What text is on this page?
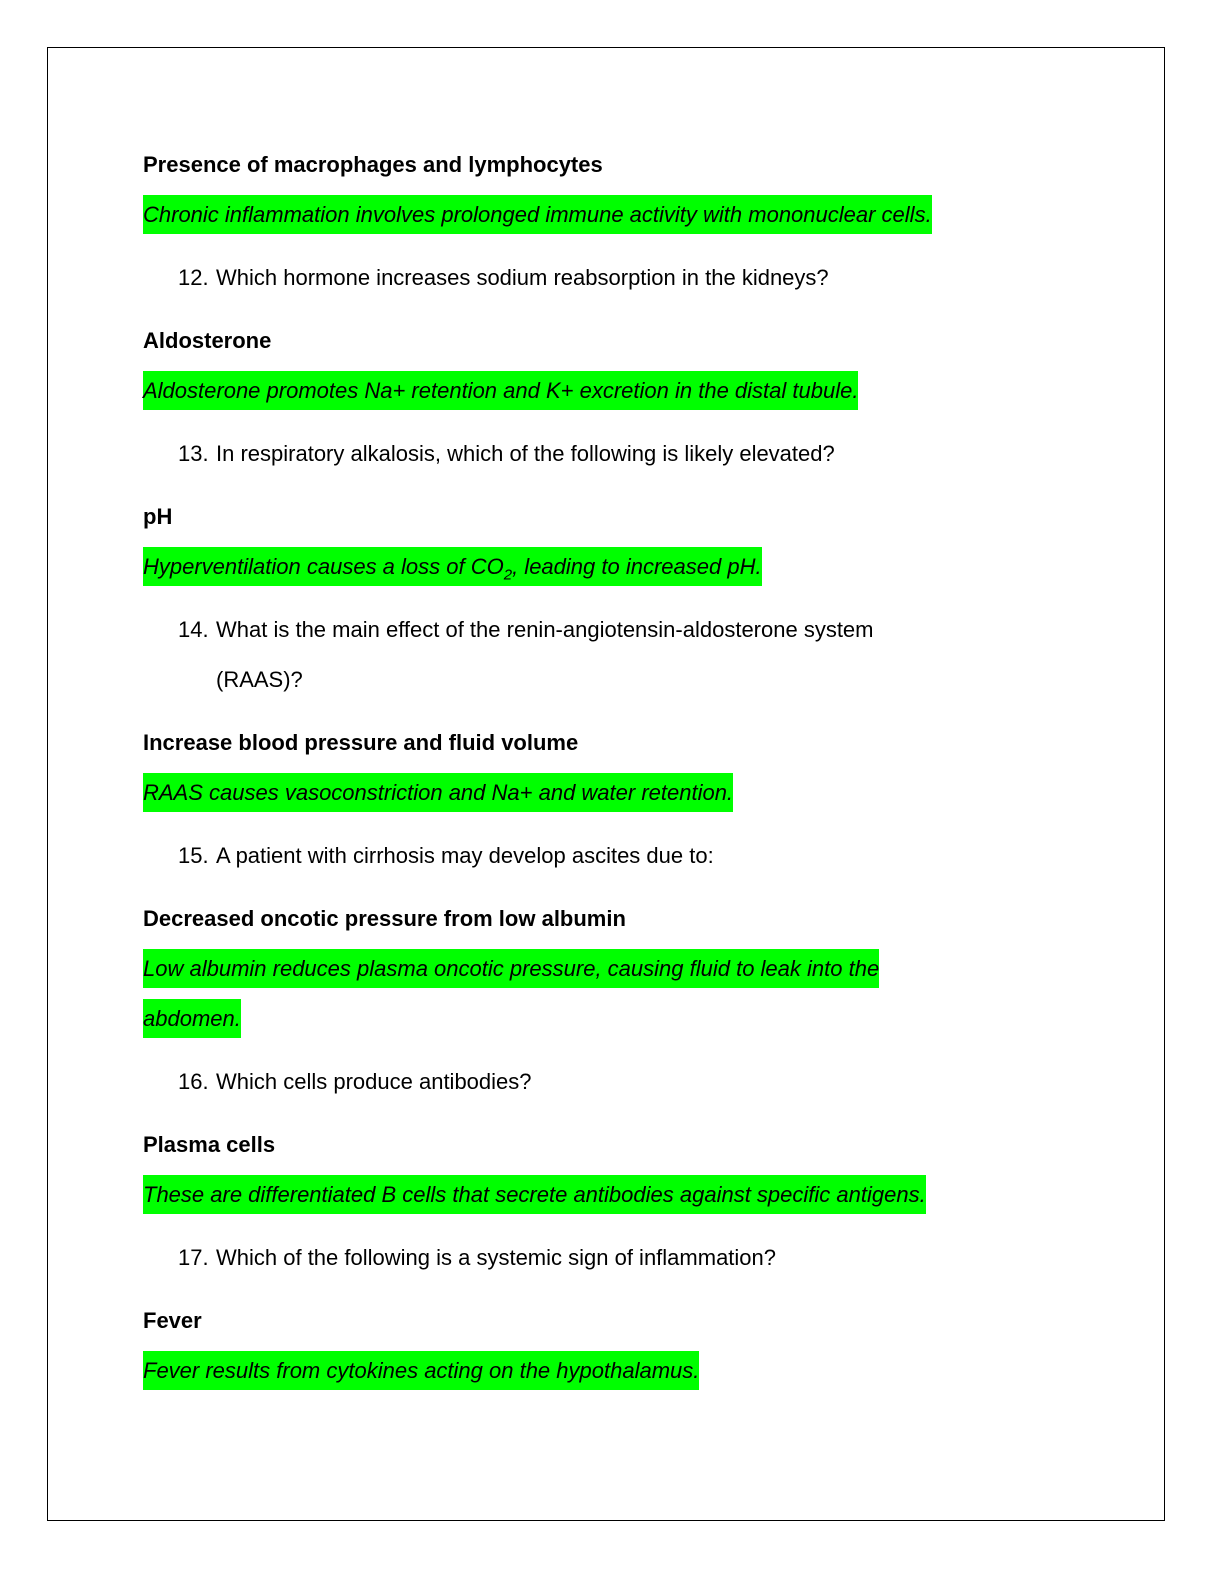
Presence of macrophages and lymphocytes
Chronic inflammation involves prolonged immune activity with mononuclear cells.
12. Which hormone increases sodium reabsorption in the kidneys?
Aldosterone
Aldosterone promotes Na+ retention and K+ excretion in the distal tubule.
13. In respiratory alkalosis, which of the following is likely elevated?
pH
Hyperventilation causes a loss of $CO_2$, leading to increased pH.
14. What is the main effect of the renin-angiotensin-aldosterone system
(RAAS)?
Increase blood pressure and fluid volume
RAAS causes vasoconstriction and Na+ and water retention.
15. A patient with cirrhosis may develop ascites due to:
Decreased oncotic pressure from low albumin
Low albumin reduces plasma oncotic pressure, causing fluid to leak into the
abdomen.
16. Which cells produce antibodies?
Plasma cells
These are differentiated B cells that secrete antibodies against specific antigens.
17. Which of the following is a systemic sign of inflammation?
Fever
Fever results from cytokines acting on the hypothalamus.
